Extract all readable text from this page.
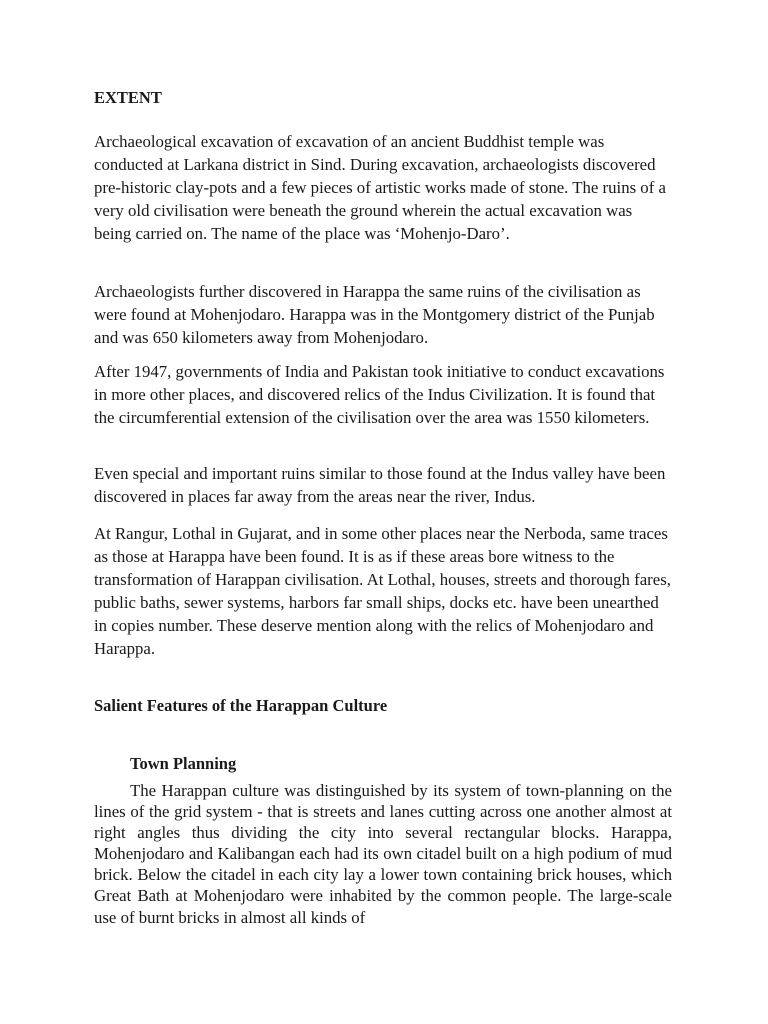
EXTENT

Archaeological excavation of excavation of an ancient Buddhist temple was conducted at Larkana district in Sind. During excavation, archaeologists discovered pre-historic clay-pots and a few pieces of artistic works made of stone. The ruins of a very old civilisation were beneath the ground wherein the actual excavation was being carried on. The name of the place was ‘Mohenjo-Daro’.

Archaeologists further discovered in Harappa the same ruins of the civilisation as were found at Mohenjodaro. Harappa was in the Montgomery district of the Punjab and was 650 kilometers away from Mohenjodaro.

After 1947, governments of India and Pakistan took initiative to conduct excavations in more other places, and discovered relics of the Indus Civilization. It is found that the circumferential extension of the civilisation over the area was 1550 kilometers.

Even special and important ruins similar to those found at the Indus valley have been discovered in places far away from the areas near the river, Indus.

At Rangur, Lothal in Gujarat, and in some other places near the Nerboda, same traces as those at Harappa have been found. It is as if these areas bore witness to the transformation of Harappan civilisation. At Lothal, houses, streets and thorough fares, public baths, sewer systems, harbors far small ships, docks etc. have been unearthed in copies number. These deserve mention along with the relics of Mohenjodaro and Harappa.

Salient Features of the Harappan Culture
Town Planning

The Harappan culture was distinguished by its system of town-planning on the lines of the grid system - that is streets and lanes cutting across one another almost at right angles thus dividing the city into several rectangular blocks. Harappa, Mohenjodaro and Kalibangan each had its own citadel built on a high podium of mud brick. Below the citadel in each city lay a lower town containing brick houses, which Great Bath at Mohenjodaro were inhabited by the common people. The large-scale use of burnt bricks in almost all kinds of
